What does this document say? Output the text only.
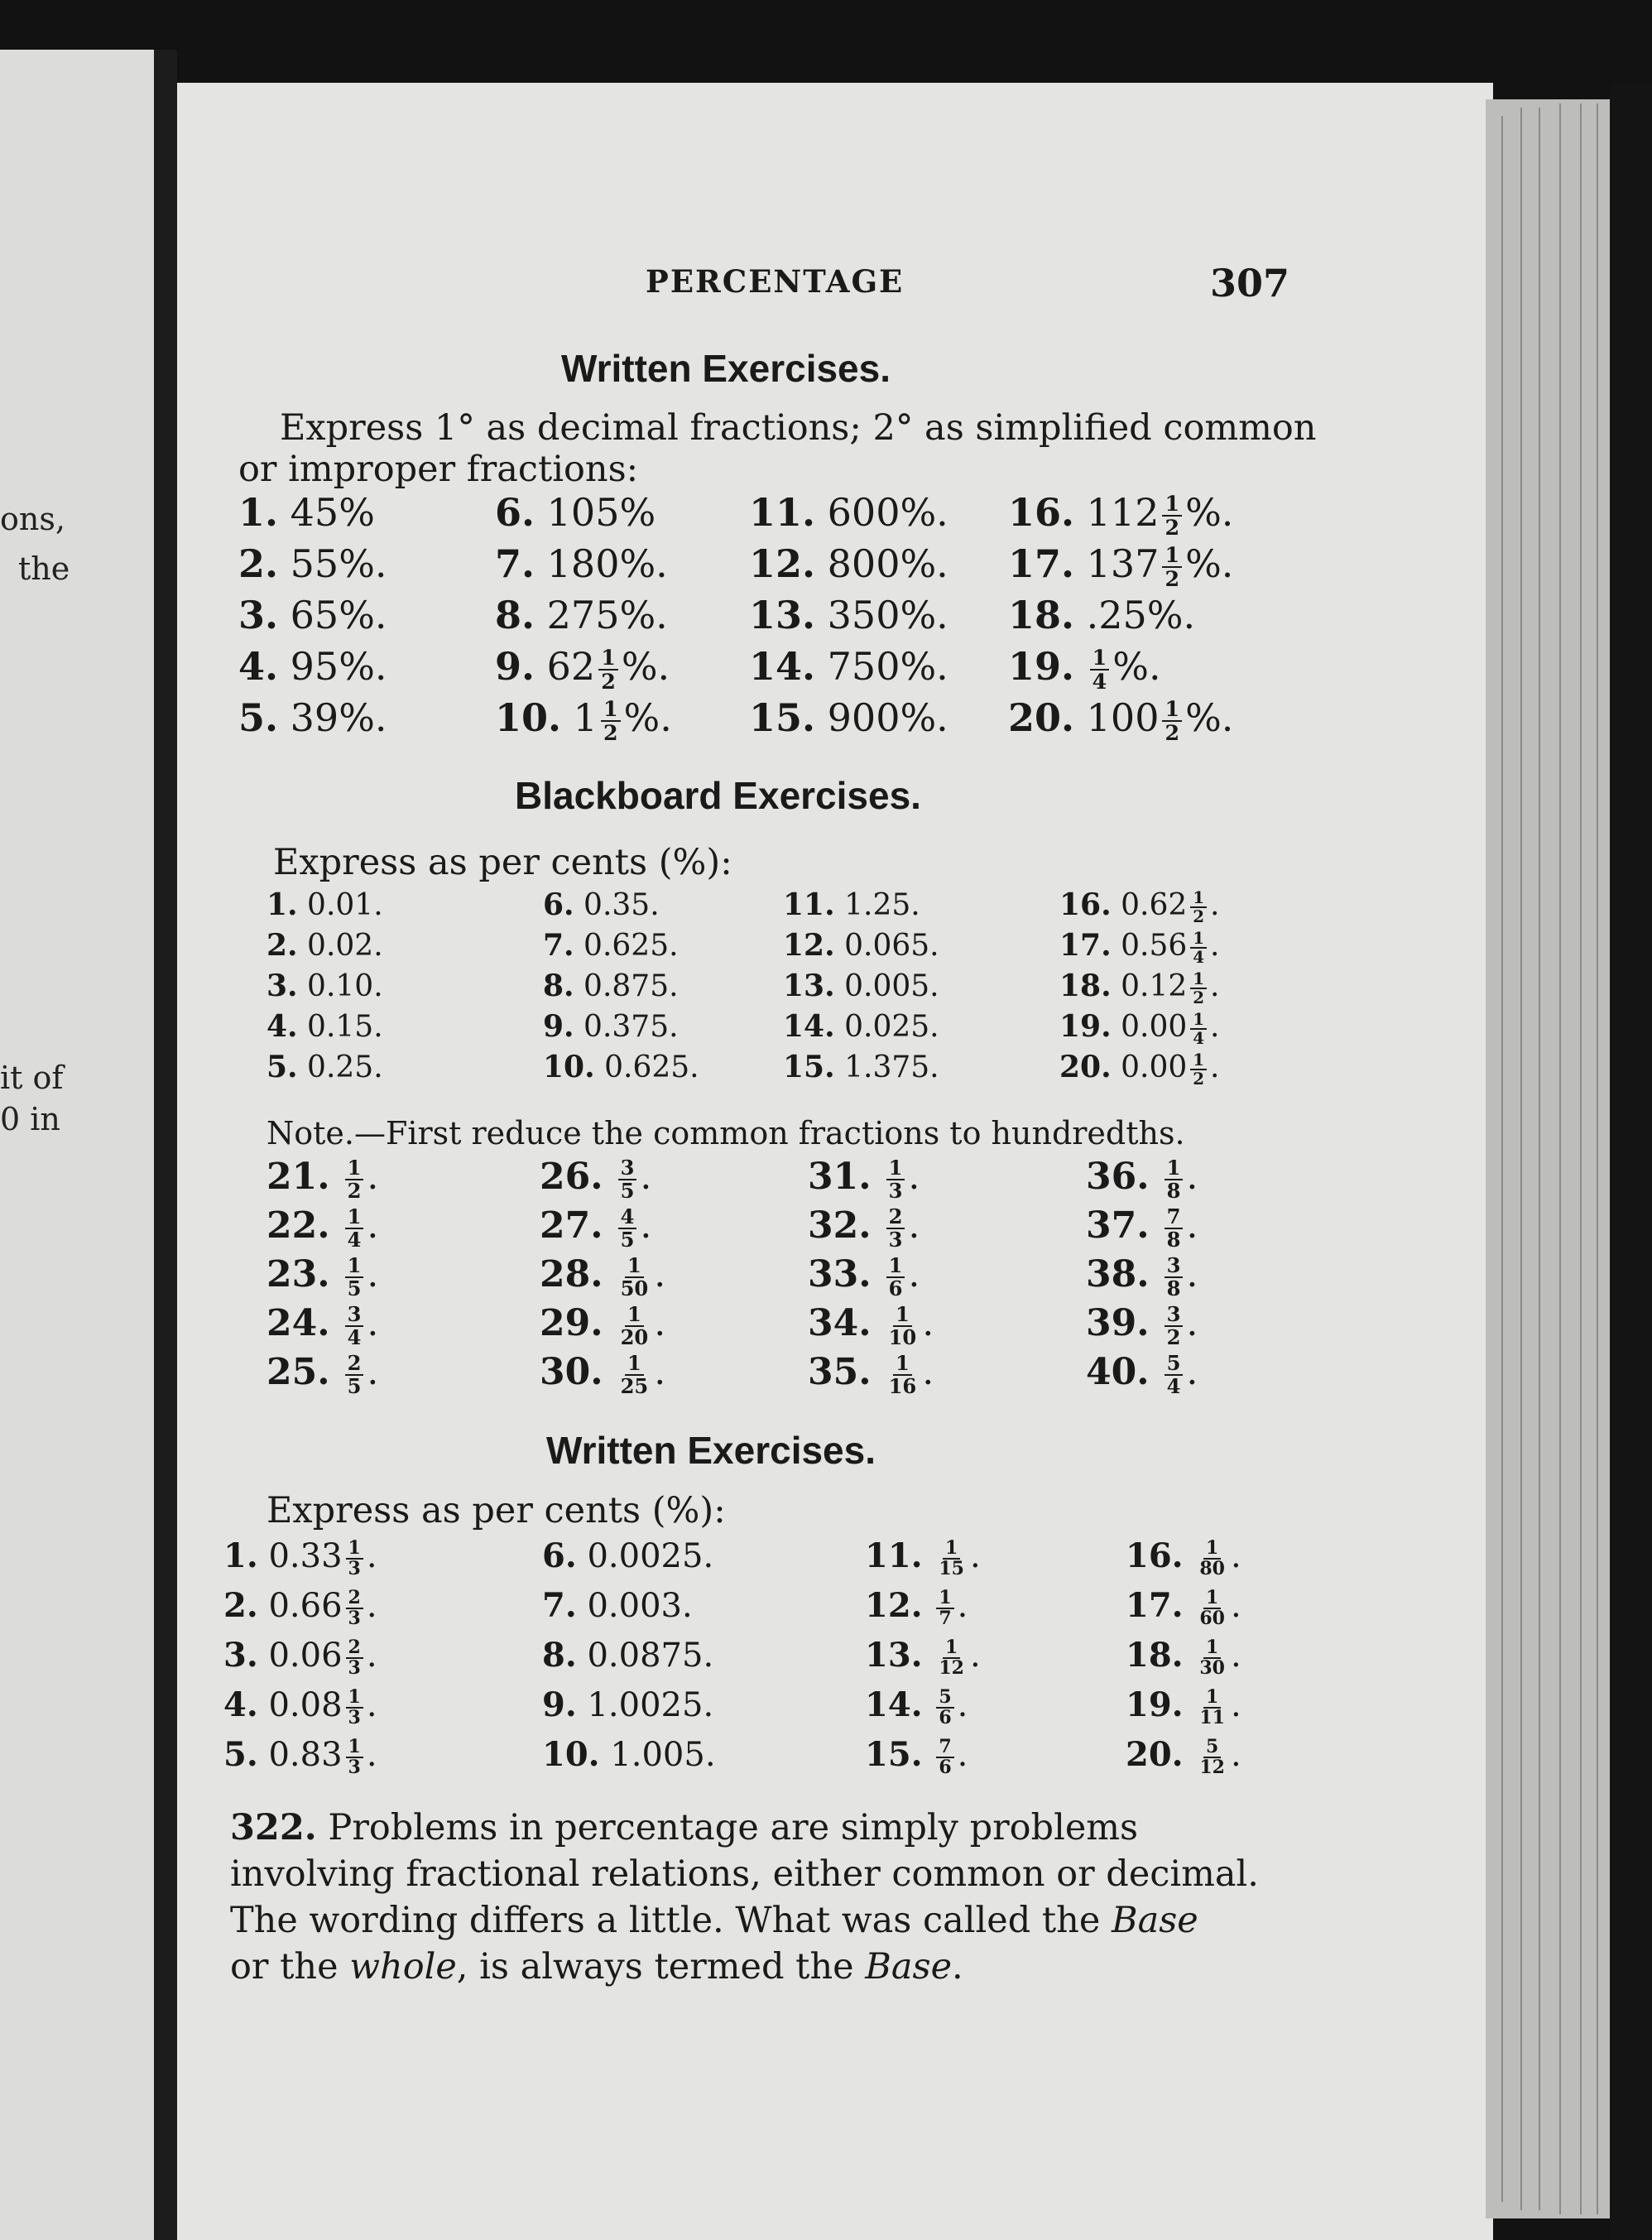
ons,
the
it of
0 in
PERCENTAGE	307
Written Exercises.
Express 1° as decimal fractions; 2° as simplified common
or improper fractions:
1. 45%
2. 55%.
3. 65%.
4. 95%.
5. 39%.
6. 105%
7. 180%.
8. 275%.
9. $62 \frac{1}{2}$ %.
10. $1 \frac{1}{2}$ %.
11. 600%.
12. 800%.
13. 350%.
14. 750%.
15. 900%.
16. $112 \frac{1}{2}$ %.
17. $137 \frac{1}{2}$ %.
18. .25%.
19. $\frac{1}{4}$ %.
20. $100 \frac{1}{2}$ %.
Blackboard Exercises.
Express as per cents (%):
1. 0.01.
2. 0.02.
3. 0.10.
4. 0.15.
5. 0.25.
6. 0.35.
7. 0.625.
8. 0.875.
9. 0.375.
10. 0.625.
11. 1.25.
12. 0.065.
13. 0.005.
14. 0.025.
15. 1.375.
16. $0.62 \frac{1}{2}$ .
17. $0.56 \frac{1}{4}$ .
18. $0.12 \frac{1}{2}$ .
19. $0.00 \frac{1}{4}$ .
20. $0.00 \frac{1}{2}$ .
Note.—First reduce the common fractions to hundredths.
21. $\frac{1}{2}$ .
22. $\frac{1}{4}$ .
23. $\frac{1}{5}$ .
24. $\frac{3}{4}$ .
25. $\frac{2}{5}$ .
26. $\frac{3}{5}$ .
27. $\frac{4}{5}$ .
28. $\frac{1}{50}$ .
29. $\frac{1}{20}$ .
30. $\frac{1}{25}$ .
31. $\frac{1}{3}$ .
32. $\frac{2}{3}$ .
33. $\frac{1}{6}$ .
34. $\frac{1}{10}$ .
35. $\frac{1}{16}$ .
36. $\frac{1}{8}$ .
37. $\frac{7}{8}$ .
38. $\frac{3}{8}$ .
39. $\frac{3}{2}$ .
40. $\frac{5}{4}$ .
Written Exercises.
Express as per cents (%):
1. $0.33 \frac{1}{3}$ .
2. $0.66 \frac{2}{3}$ .
3. $0.06 \frac{2}{3}$ .
4. $0.08 \frac{1}{3}$ .
5. $0.83 \frac{1}{3}$ .
6. 0.0025.
7. 0.003.
8. 0.0875.
9. 1.0025.
10. 1.005.
11. $\frac{1}{15}$ .
12. $\frac{1}{7}$ .
13. $\frac{1}{12}$ .
14. $\frac{5}{6}$ .
15. $\frac{7}{6}$ .
16. $\frac{1}{80}$ .
17. $\frac{1}{60}$ .
18. $\frac{1}{30}$ .
19. $\frac{1}{11}$ .
20. $\frac{5}{12}$ .
322. Problems in percentage are simply problems
involving fractional relations, either common or decimal.
The wording differs a little. What was called the Base
or the whole, is always termed the Base.
